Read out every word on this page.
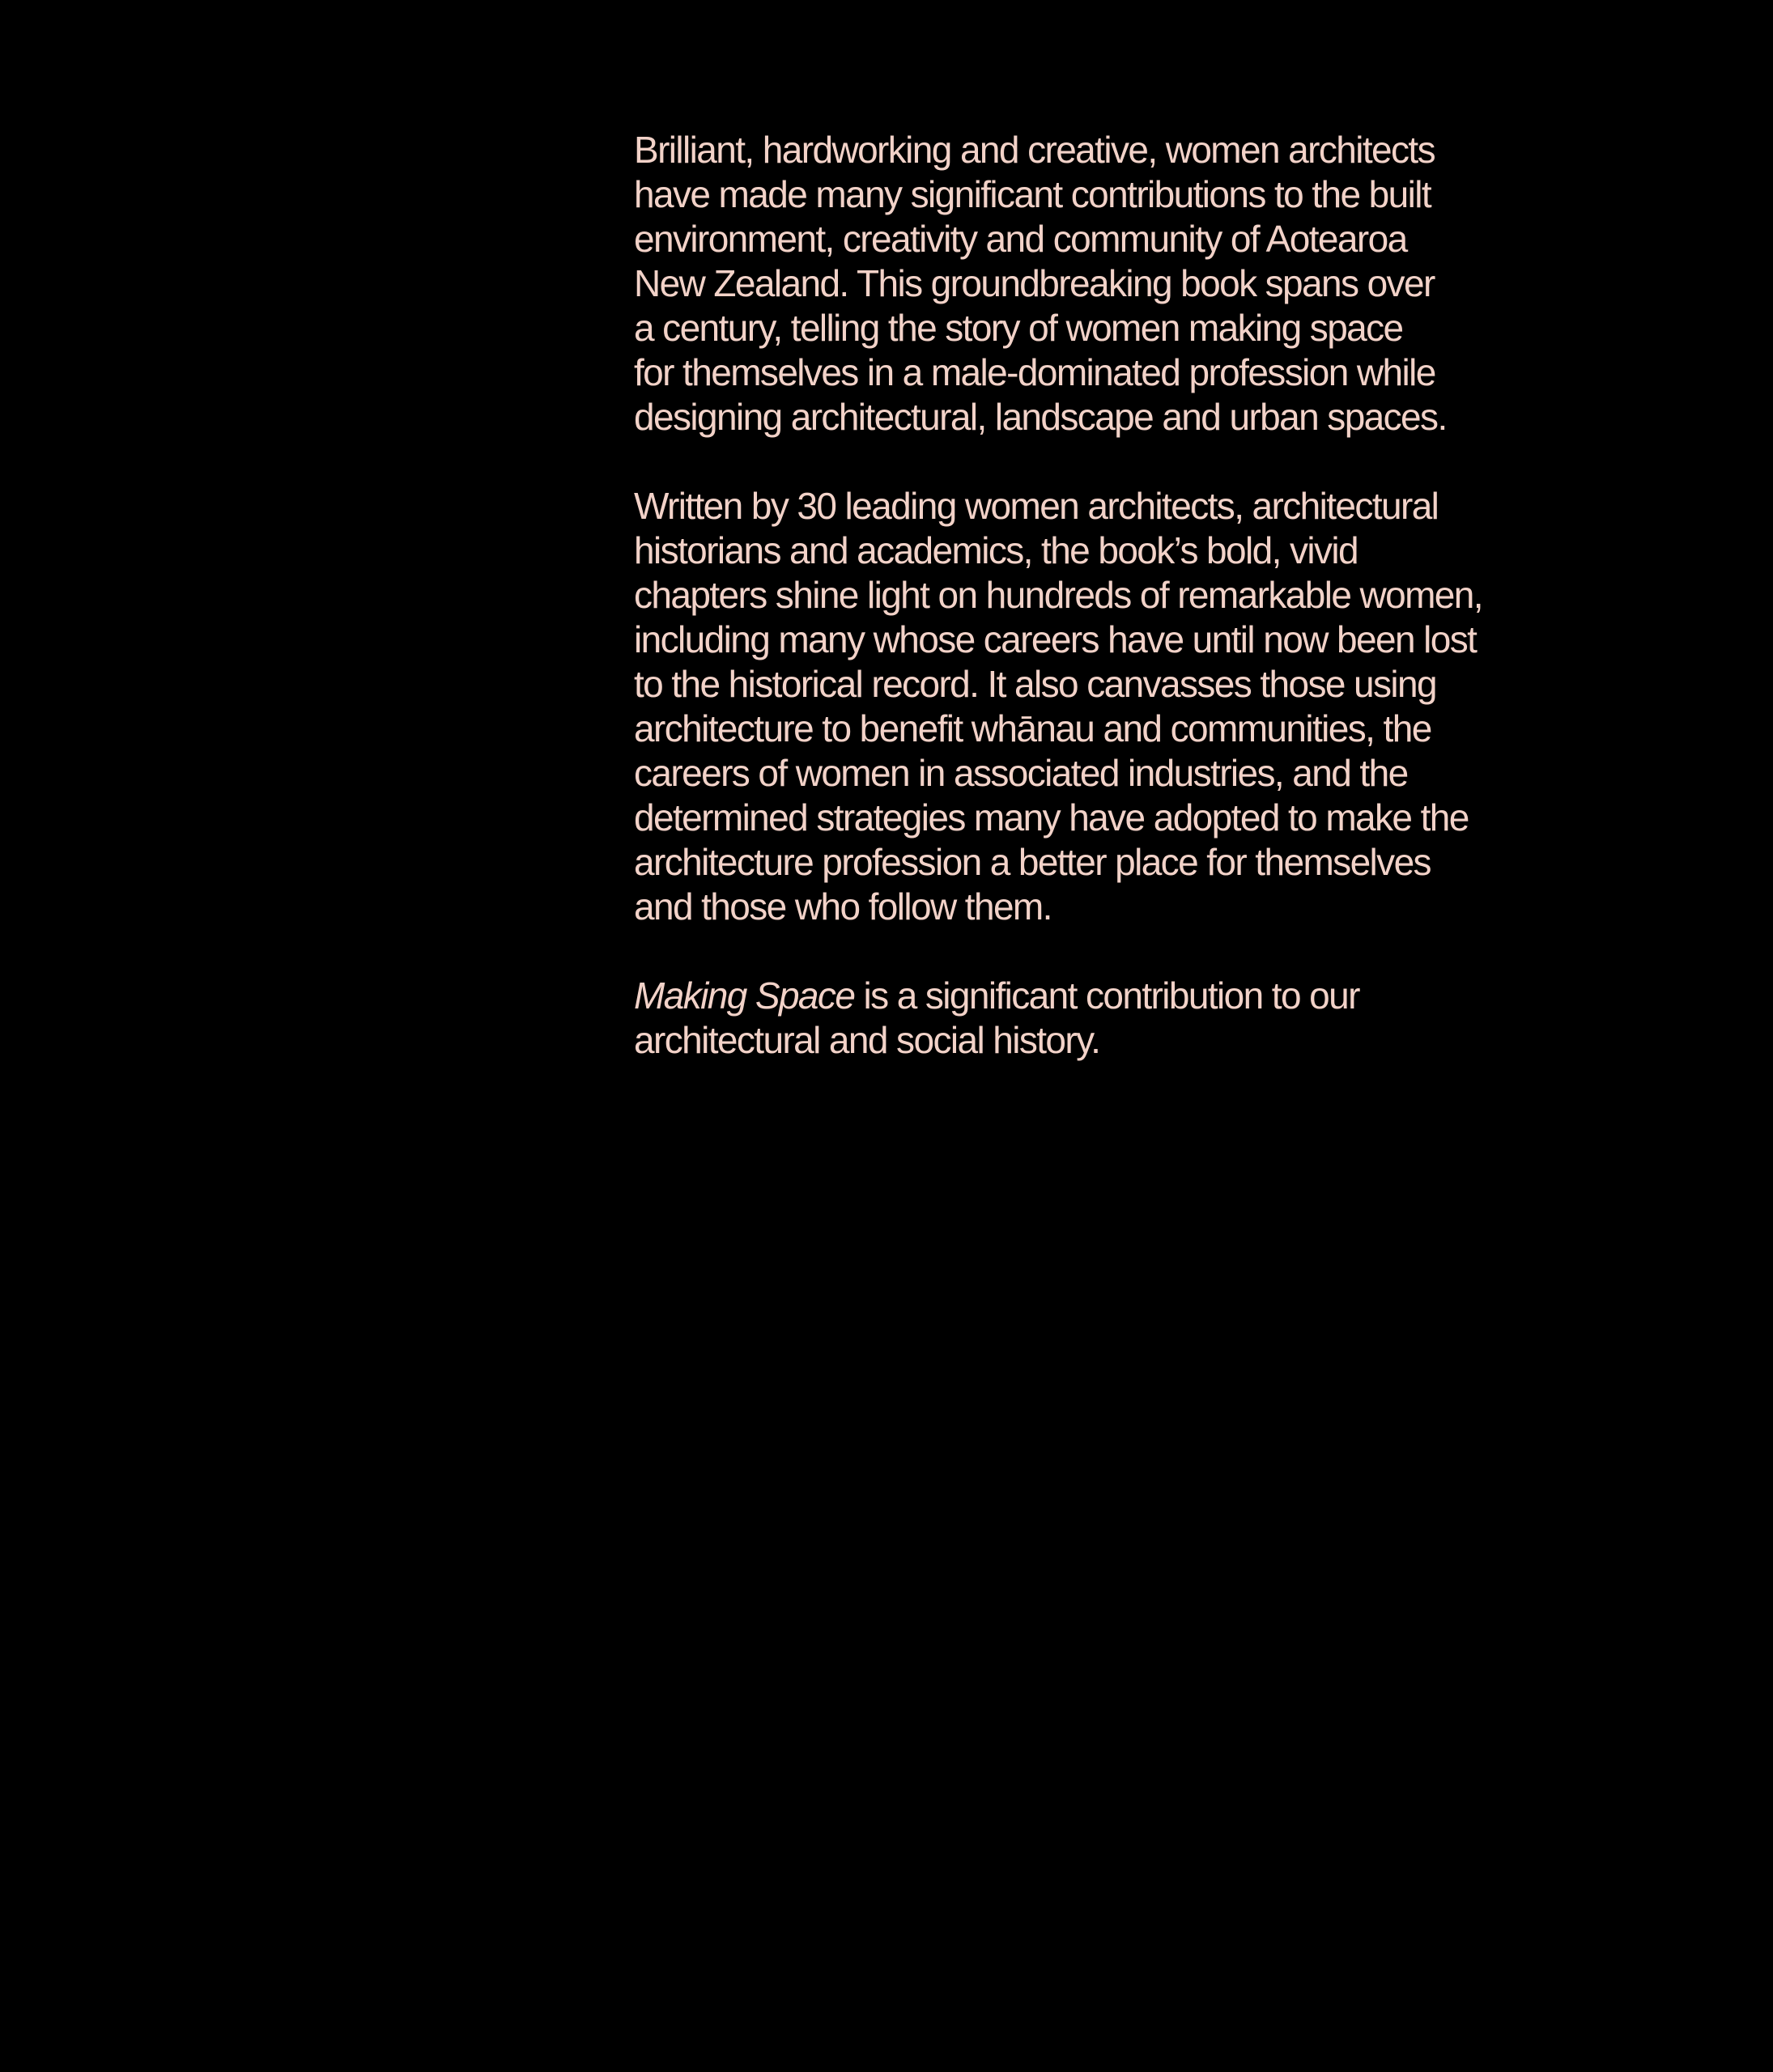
Brilliant, hardworking and creative, women architects
have made many significant contributions to the built
environment, creativity and community of Aotearoa
New Zealand. This groundbreaking book spans over
a century, telling the story of women making space
for themselves in a male-dominated profession while
designing architectural, landscape and urban spaces.

Written by 30 leading women architects, architectural
historians and academics, the book’s bold, vivid
chapters shine light on hundreds of remarkable women,
including many whose careers have until now been lost
to the historical record. It also canvasses those using
architecture to benefit whānau and communities, the
careers of women in associated industries, and the
determined strategies many have adopted to make the
architecture profession a better place for themselves
and those who follow them.

Making Space is a significant contribution to our
architectural and social history.
